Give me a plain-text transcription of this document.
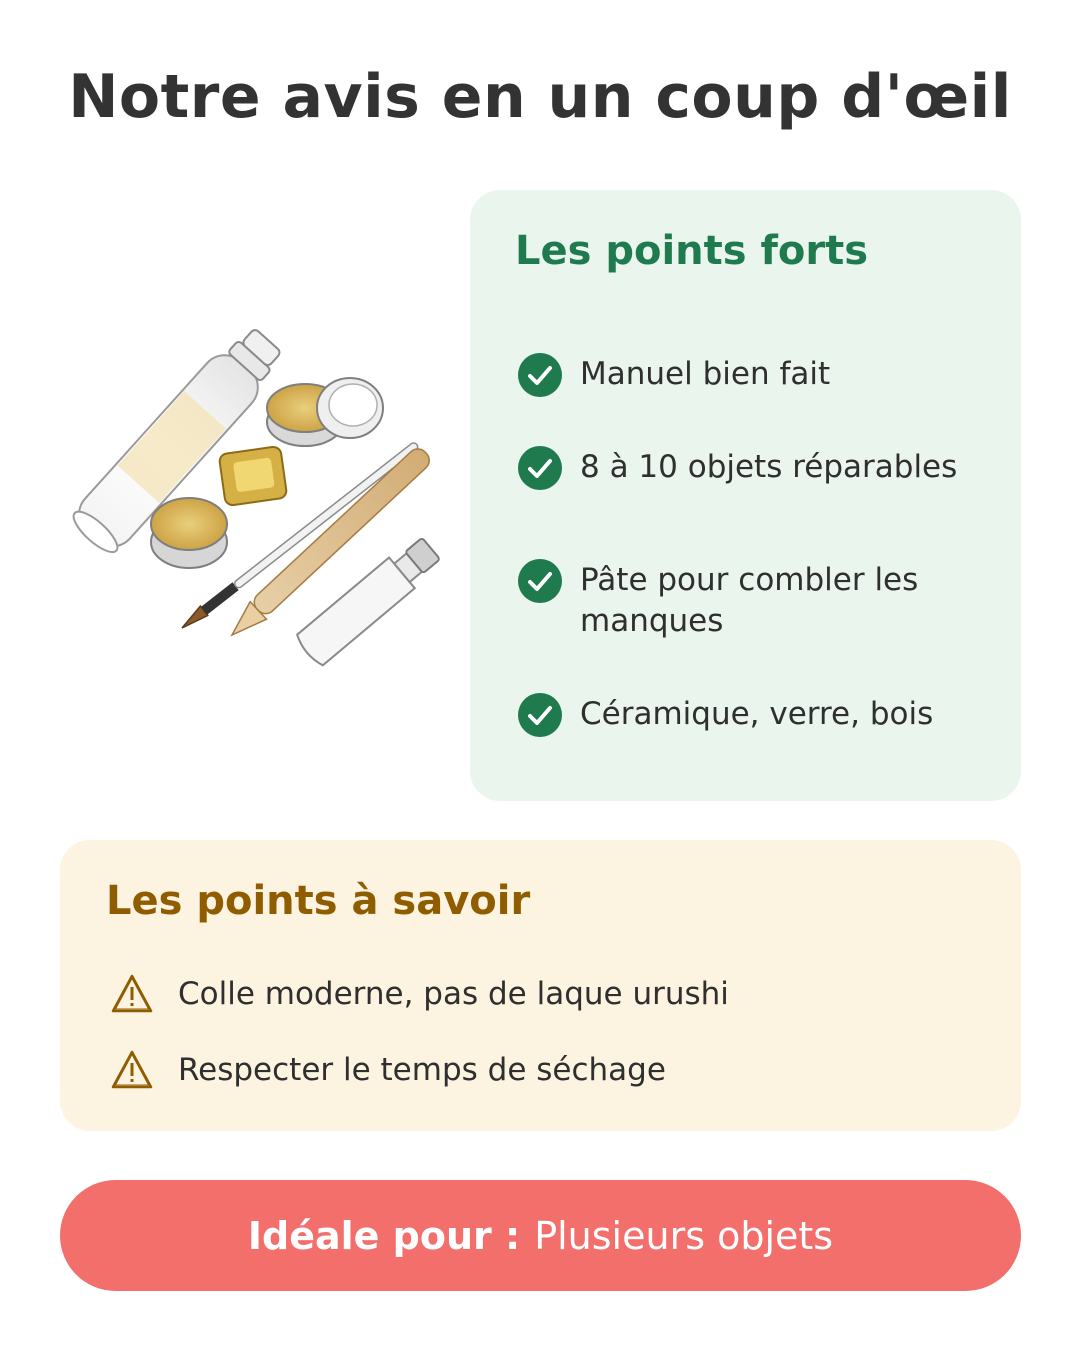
Notre avis en un coup d'œil
Les points forts
Manuel bien fait
8 à 10 objets réparables
Pâte pour combler les manques
Céramique, verre, bois
Les points à savoir
Colle moderne, pas de laque urushi
Respecter le temps de séchage
Idéale pour : Plusieurs objets
